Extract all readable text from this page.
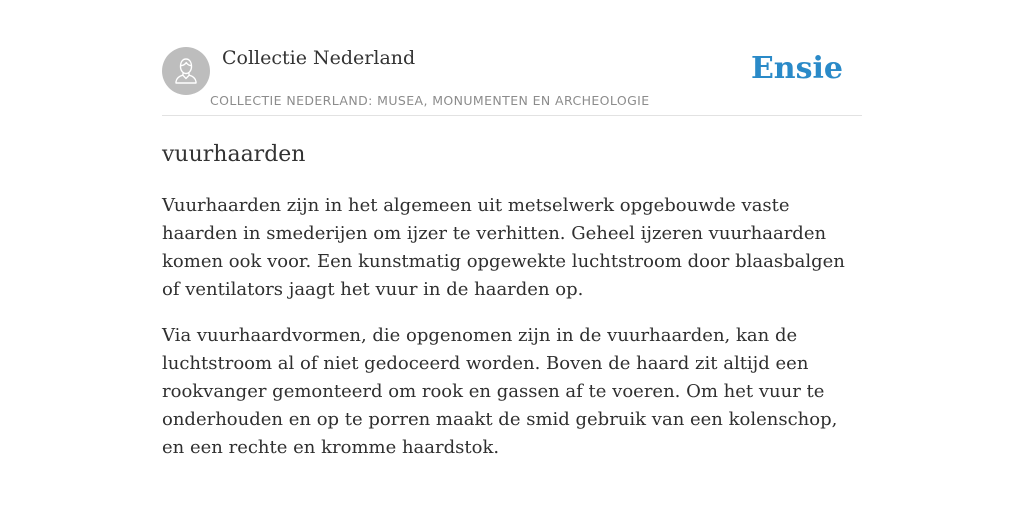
Collectie Nederland
COLLECTIE NEDERLAND: MUSEA, MONUMENTEN EN ARCHEOLOGIE
Ensie
vuurhaarden

Vuurhaarden zijn in het algemeen uit metselwerk opgebouwde vaste haarden in smederijen om ijzer te verhitten. Geheel ijzeren vuurhaarden komen ook voor. Een kunstmatig opgewekte luchtstroom door blaasbalgen of ventilators jaagt het vuur in de haarden op.

Via vuurhaardvormen, die opgenomen zijn in de vuurhaarden, kan de luchtstroom al of niet gedoceerd worden. Boven de haard zit altijd een rookvanger gemonteerd om rook en gassen af te voeren. Om het vuur te onderhouden en op te porren maakt de smid gebruik van een kolenschop, en een rechte en kromme haardstok.
